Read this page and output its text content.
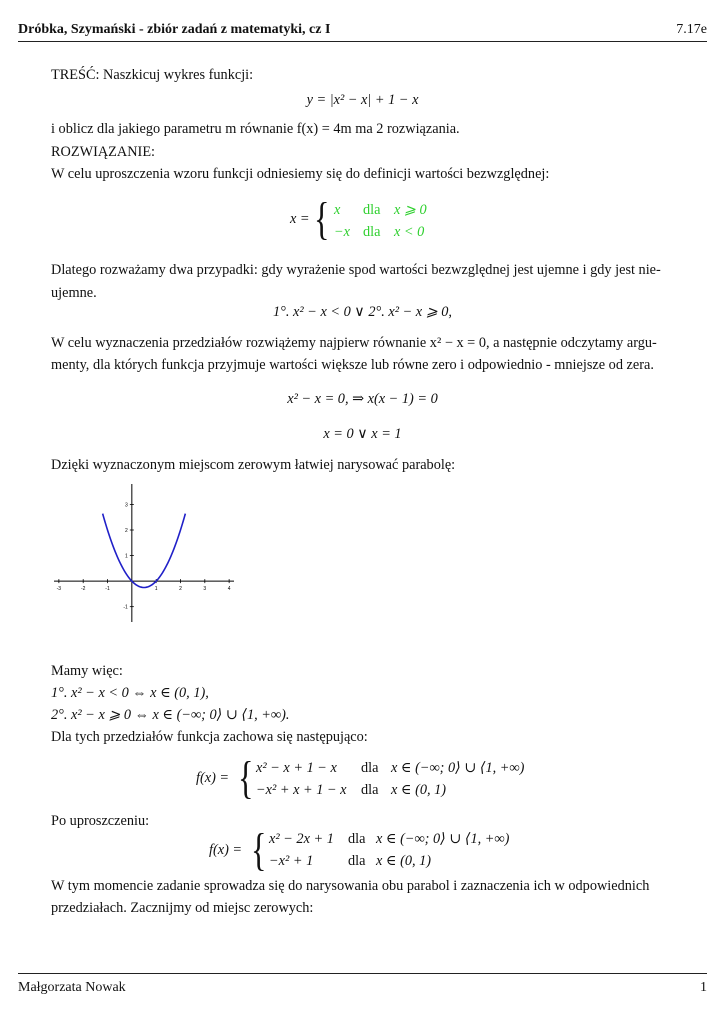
Dróbka, Szymański - zbiór zadań z matematyki, cz I	7.17e
TREŚĆ: Naszkicuj wykres funkcji:
y = |x² − x| + 1 − x
i oblicz dla jakiego parametru m równanie f(x) = 4m ma 2 rozwiązania.
ROZWIĄZANIE:
W celu uproszczenia wzoru funkcji odniesiemy się do definicji wartości bezwzględnej:
x = { x dla x ⩾ 0
−x dla x < 0
Dlatego rozważamy dwa przypadki: gdy wyrażenie spod wartości bezwzględnej jest ujemne i gdy jest nie-
ujemne.
1°. x² − x < 0 ∨ 2°. x² − x ⩾ 0,
W celu wyznaczenia przedziałów rozwiążemy najpierw równanie x² − x = 0, a następnie odczytamy argu-
menty, dla których funkcja przyjmuje wartości większe lub równe zero i odpowiednio - mniejsze od zera.
x² − x = 0, ⇒ x(x − 1) = 0
x = 0 ∨ x = 1
Dzięki wyznaczonym miejscom zerowym łatwiej narysować parabolę:
-3	-2	-1	1	2	3	4
3
2
1
-1
Mamy więc:
1°. x² − x < 0 ⇔ x ∈ (0, 1),
2°. x² − x ⩾ 0 ⇔ x ∈ (−∞; 0⟩ ∪ ⟨1, +∞).
Dla tych przedziałów funkcja zachowa się następująco:
f(x) = { x² − x + 1 − x dla x ∈ (−∞; 0⟩ ∪ ⟨1, +∞)
−x² + x + 1 − x dla x ∈ (0, 1)
Po uproszczeniu:
f(x) = { x² − 2x + 1 dla x ∈ (−∞; 0⟩ ∪ ⟨1, +∞)
−x² + 1 dla x ∈ (0, 1)
W tym momencie zadanie sprowadza się do narysowania obu parabol i zaznaczenia ich w odpowiednich
przedziałach. Zacznijmy od miejsc zerowych:
Małgorzata Nowak	1
